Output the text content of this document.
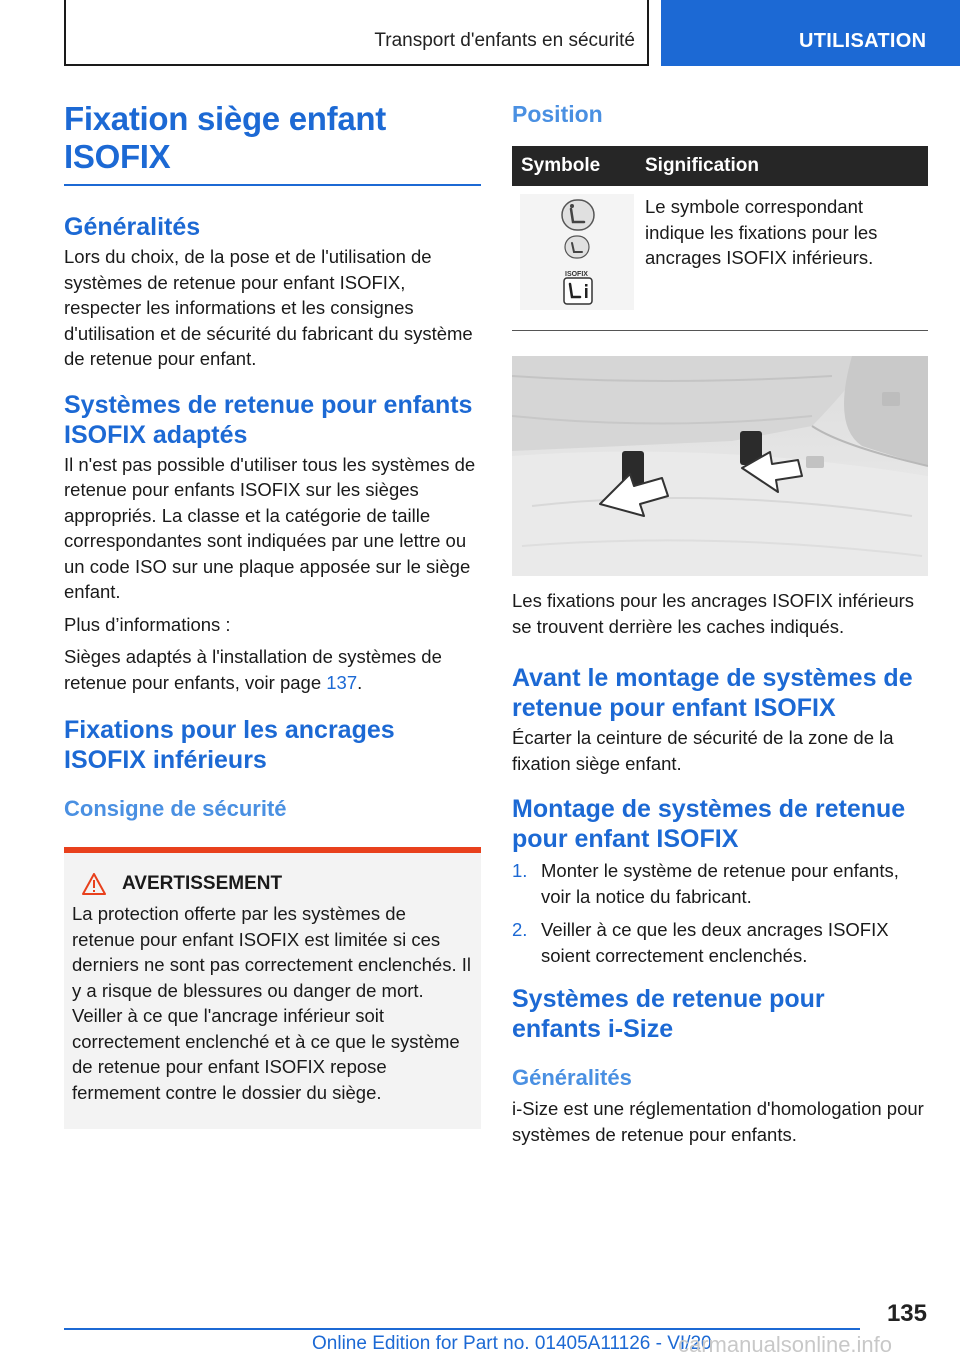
Transport d'enfants en sécurité	UTILISATION
Fixation siège enfant ISOFIX
Généralités
Lors du choix, de la pose et de l'utilisation de systèmes de retenue pour enfant ISOFIX, respecter les informations et les consignes d'utilisation et de sécurité du fabricant du système de retenue pour enfant.
Systèmes de retenue pour enfants ISOFIX adaptés
Il n'est pas possible d'utiliser tous les systèmes de retenue pour enfants ISOFIX sur les sièges appropriés. La classe et la catégorie de taille correspondantes sont indiquées par une lettre ou un code ISO sur une plaque apposée sur le siège enfant.
Plus d’informations :
Sièges adaptés à l'installation de systèmes de retenue pour enfants, voir page 137.
Fixations pour les ancrages ISOFIX inférieurs
Consigne de sécurité
AVERTISSEMENT
La protection offerte par les systèmes de retenue pour enfant ISOFIX est limitée si ces derniers ne sont pas correctement enclenchés. Il y a risque de blessures ou danger de mort. Veiller à ce que l'ancrage inférieur soit correctement enclenché et à ce que le système de retenue pour enfant ISOFIX repose fermement contre le dossier du siège.
Position
Symbole	Signification

ISOFIX	Le symbole correspondant indique les fixations pour les ancrages ISOFIX inférieurs.
Les fixations pour les ancrages ISOFIX inférieurs se trouvent derrière les caches indiqués.
Avant le montage de systèmes de retenue pour enfant ISOFIX
Écarter la ceinture de sécurité de la zone de la fixation siège enfant.
Montage de systèmes de retenue pour enfant ISOFIX
1. Monter le système de retenue pour enfants, voir la notice du fabricant.
2. Veiller à ce que les deux ancrages ISOFIX soient correctement enclenchés.
Systèmes de retenue pour enfants i-Size
Généralités
i-Size est une réglementation d'homologation pour systèmes de retenue pour enfants.
135
Online Edition for Part no. 01405A11126 - VI/20
carmanualsonline.info
